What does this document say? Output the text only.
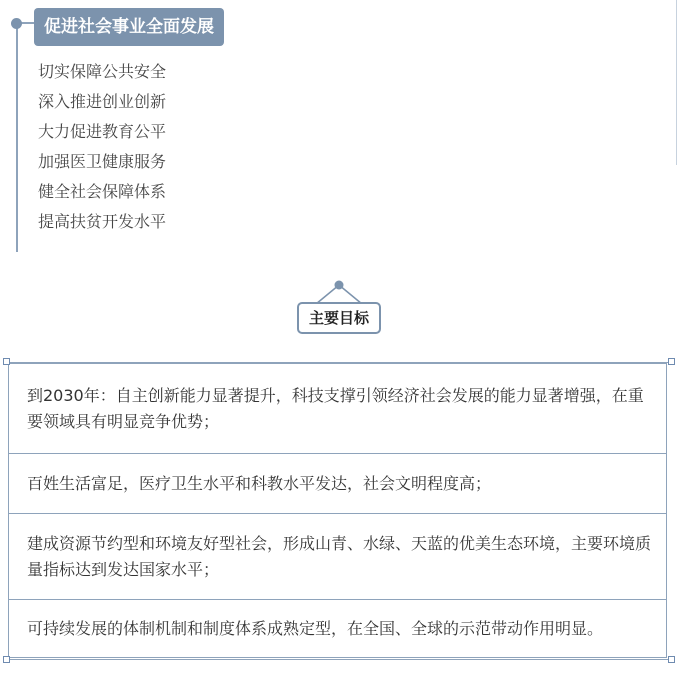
促进社会事业全面发展
切实保障公共安全
深入推进创业创新
大力促进教育公平
加强医卫健康服务
健全社会保障体系
提高扶贫开发水平
主要目标
到2030年：自主创新能力显著提升，科技支撑引领经济社会发展的能力显著增强，在重要领域具有明显竞争优势；
百姓生活富足，医疗卫生水平和科教水平发达，社会文明程度高；
建成资源节约型和环境友好型社会，形成山青、水绿、天蓝的优美生态环境，主要环境质量指标达到发达国家水平；
可持续发展的体制机制和制度体系成熟定型，在全国、全球的示范带动作用明显。
